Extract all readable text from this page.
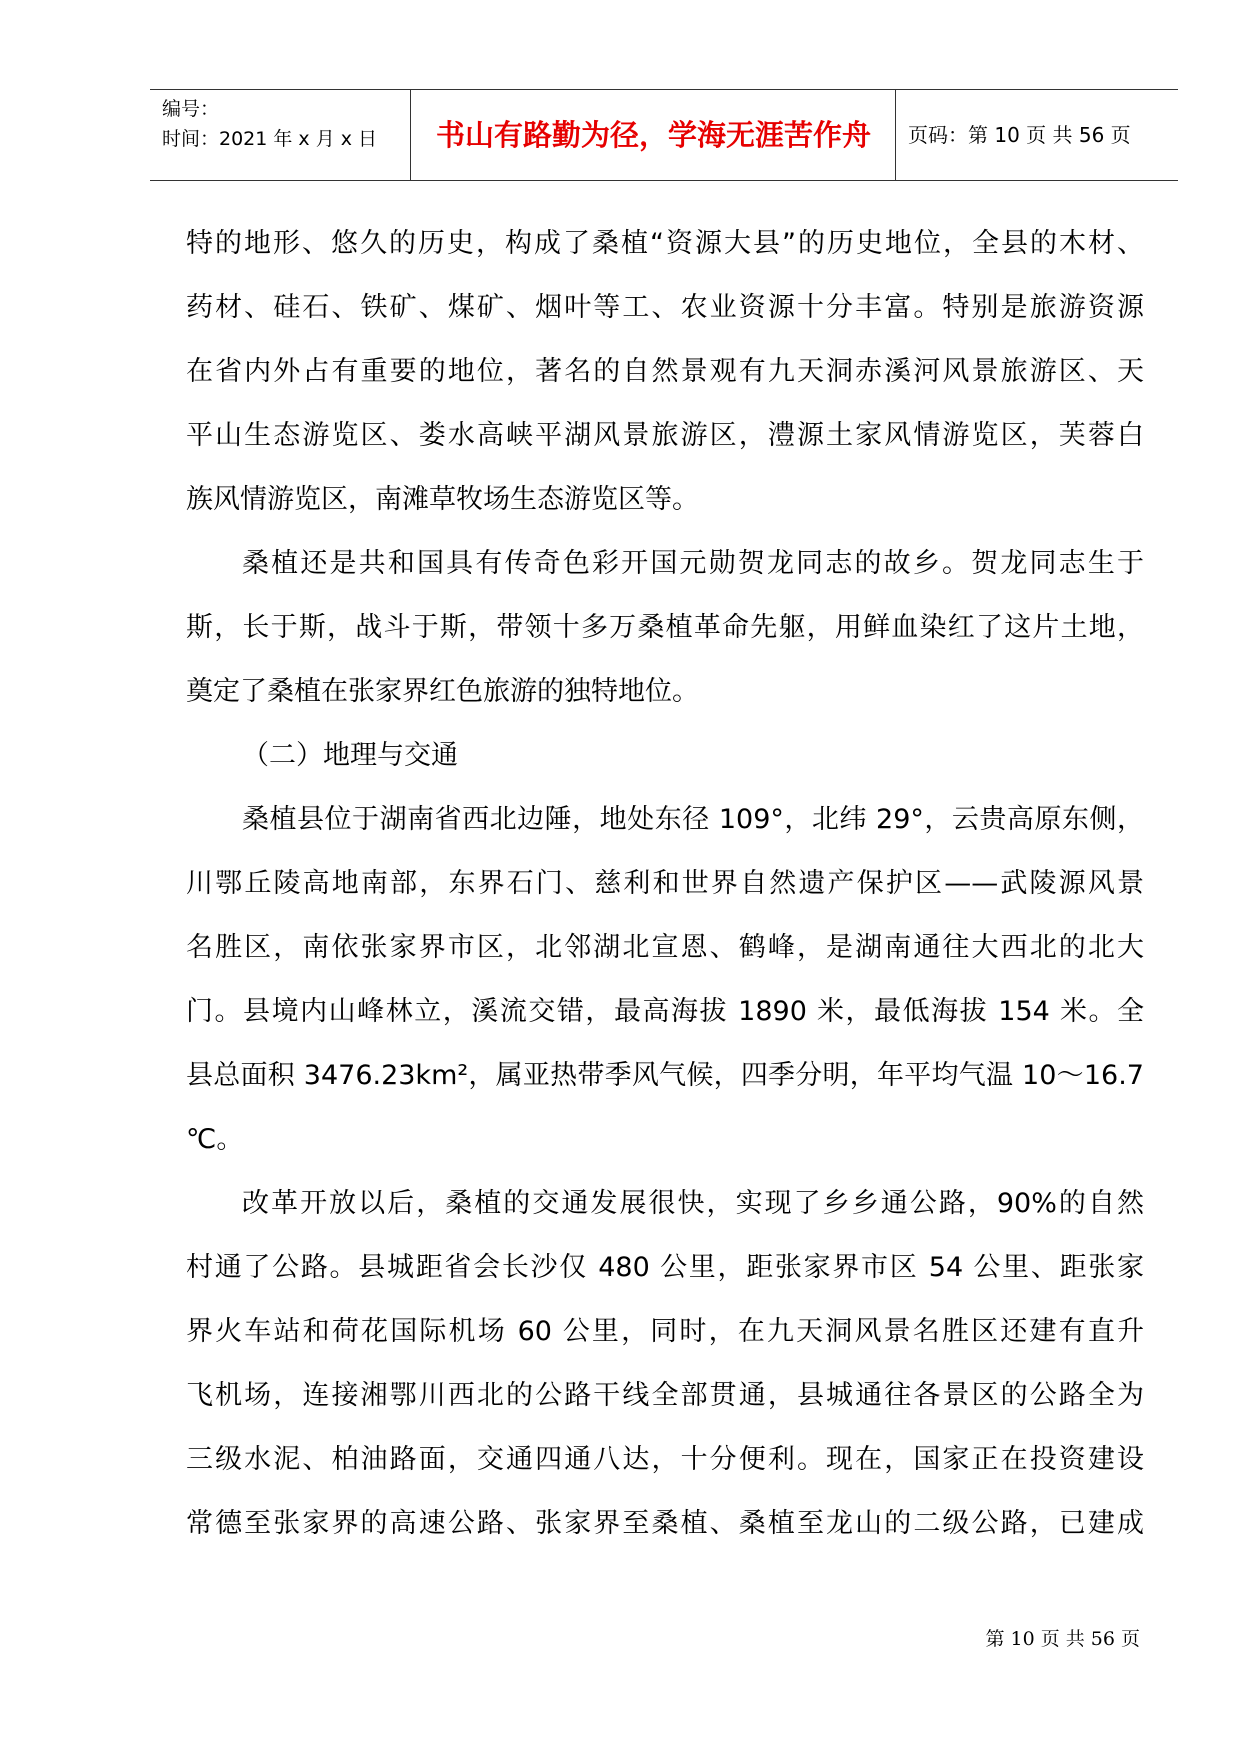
编号：
时间：2021 年 x 月 x 日	书山有路勤为径，学海无涯苦作舟	页码：第 10 页 共 56 页
特的地形、悠久的历史，构成了桑植“资源大县”的历史地位，全县的木材、
药材、硅石、铁矿、煤矿、烟叶等工、农业资源十分丰富。特别是旅游资源
在省内外占有重要的地位，著名的自然景观有九天洞赤溪河风景旅游区、天
平山生态游览区、娄水高峡平湖风景旅游区，澧源土家风情游览区，芙蓉白
族风情游览区，南滩草牧场生态游览区等。
桑植还是共和国具有传奇色彩开国元勋贺龙同志的故乡。贺龙同志生于
斯，长于斯，战斗于斯，带领十多万桑植革命先躯，用鲜血染红了这片土地，
奠定了桑植在张家界红色旅游的独特地位。
（二）地理与交通
桑植县位于湖南省西北边陲，地处东径 109°，北纬 29°，云贵高原东侧，
川鄂丘陵高地南部，东界石门、慈利和世界自然遗产保护区——武陵源风景
名胜区，南依张家界市区，北邻湖北宣恩、鹤峰，是湖南通往大西北的北大
门。县境内山峰林立，溪流交错，最高海拔 1890 米，最低海拔 154 米。全
县总面积 3476.23km²，属亚热带季风气候，四季分明，年平均气温 10～16.7
℃。
改革开放以后，桑植的交通发展很快，实现了乡乡通公路，90%的自然
村通了公路。县城距省会长沙仅 480 公里，距张家界市区 54 公里、距张家
界火车站和荷花国际机场 60 公里，同时，在九天洞风景名胜区还建有直升
飞机场，连接湘鄂川西北的公路干线全部贯通，县城通往各景区的公路全为
三级水泥、柏油路面，交通四通八达，十分便利。现在，国家正在投资建设
常德至张家界的高速公路、张家界至桑植、桑植至龙山的二级公路，已建成
第 10 页 共 56 页
